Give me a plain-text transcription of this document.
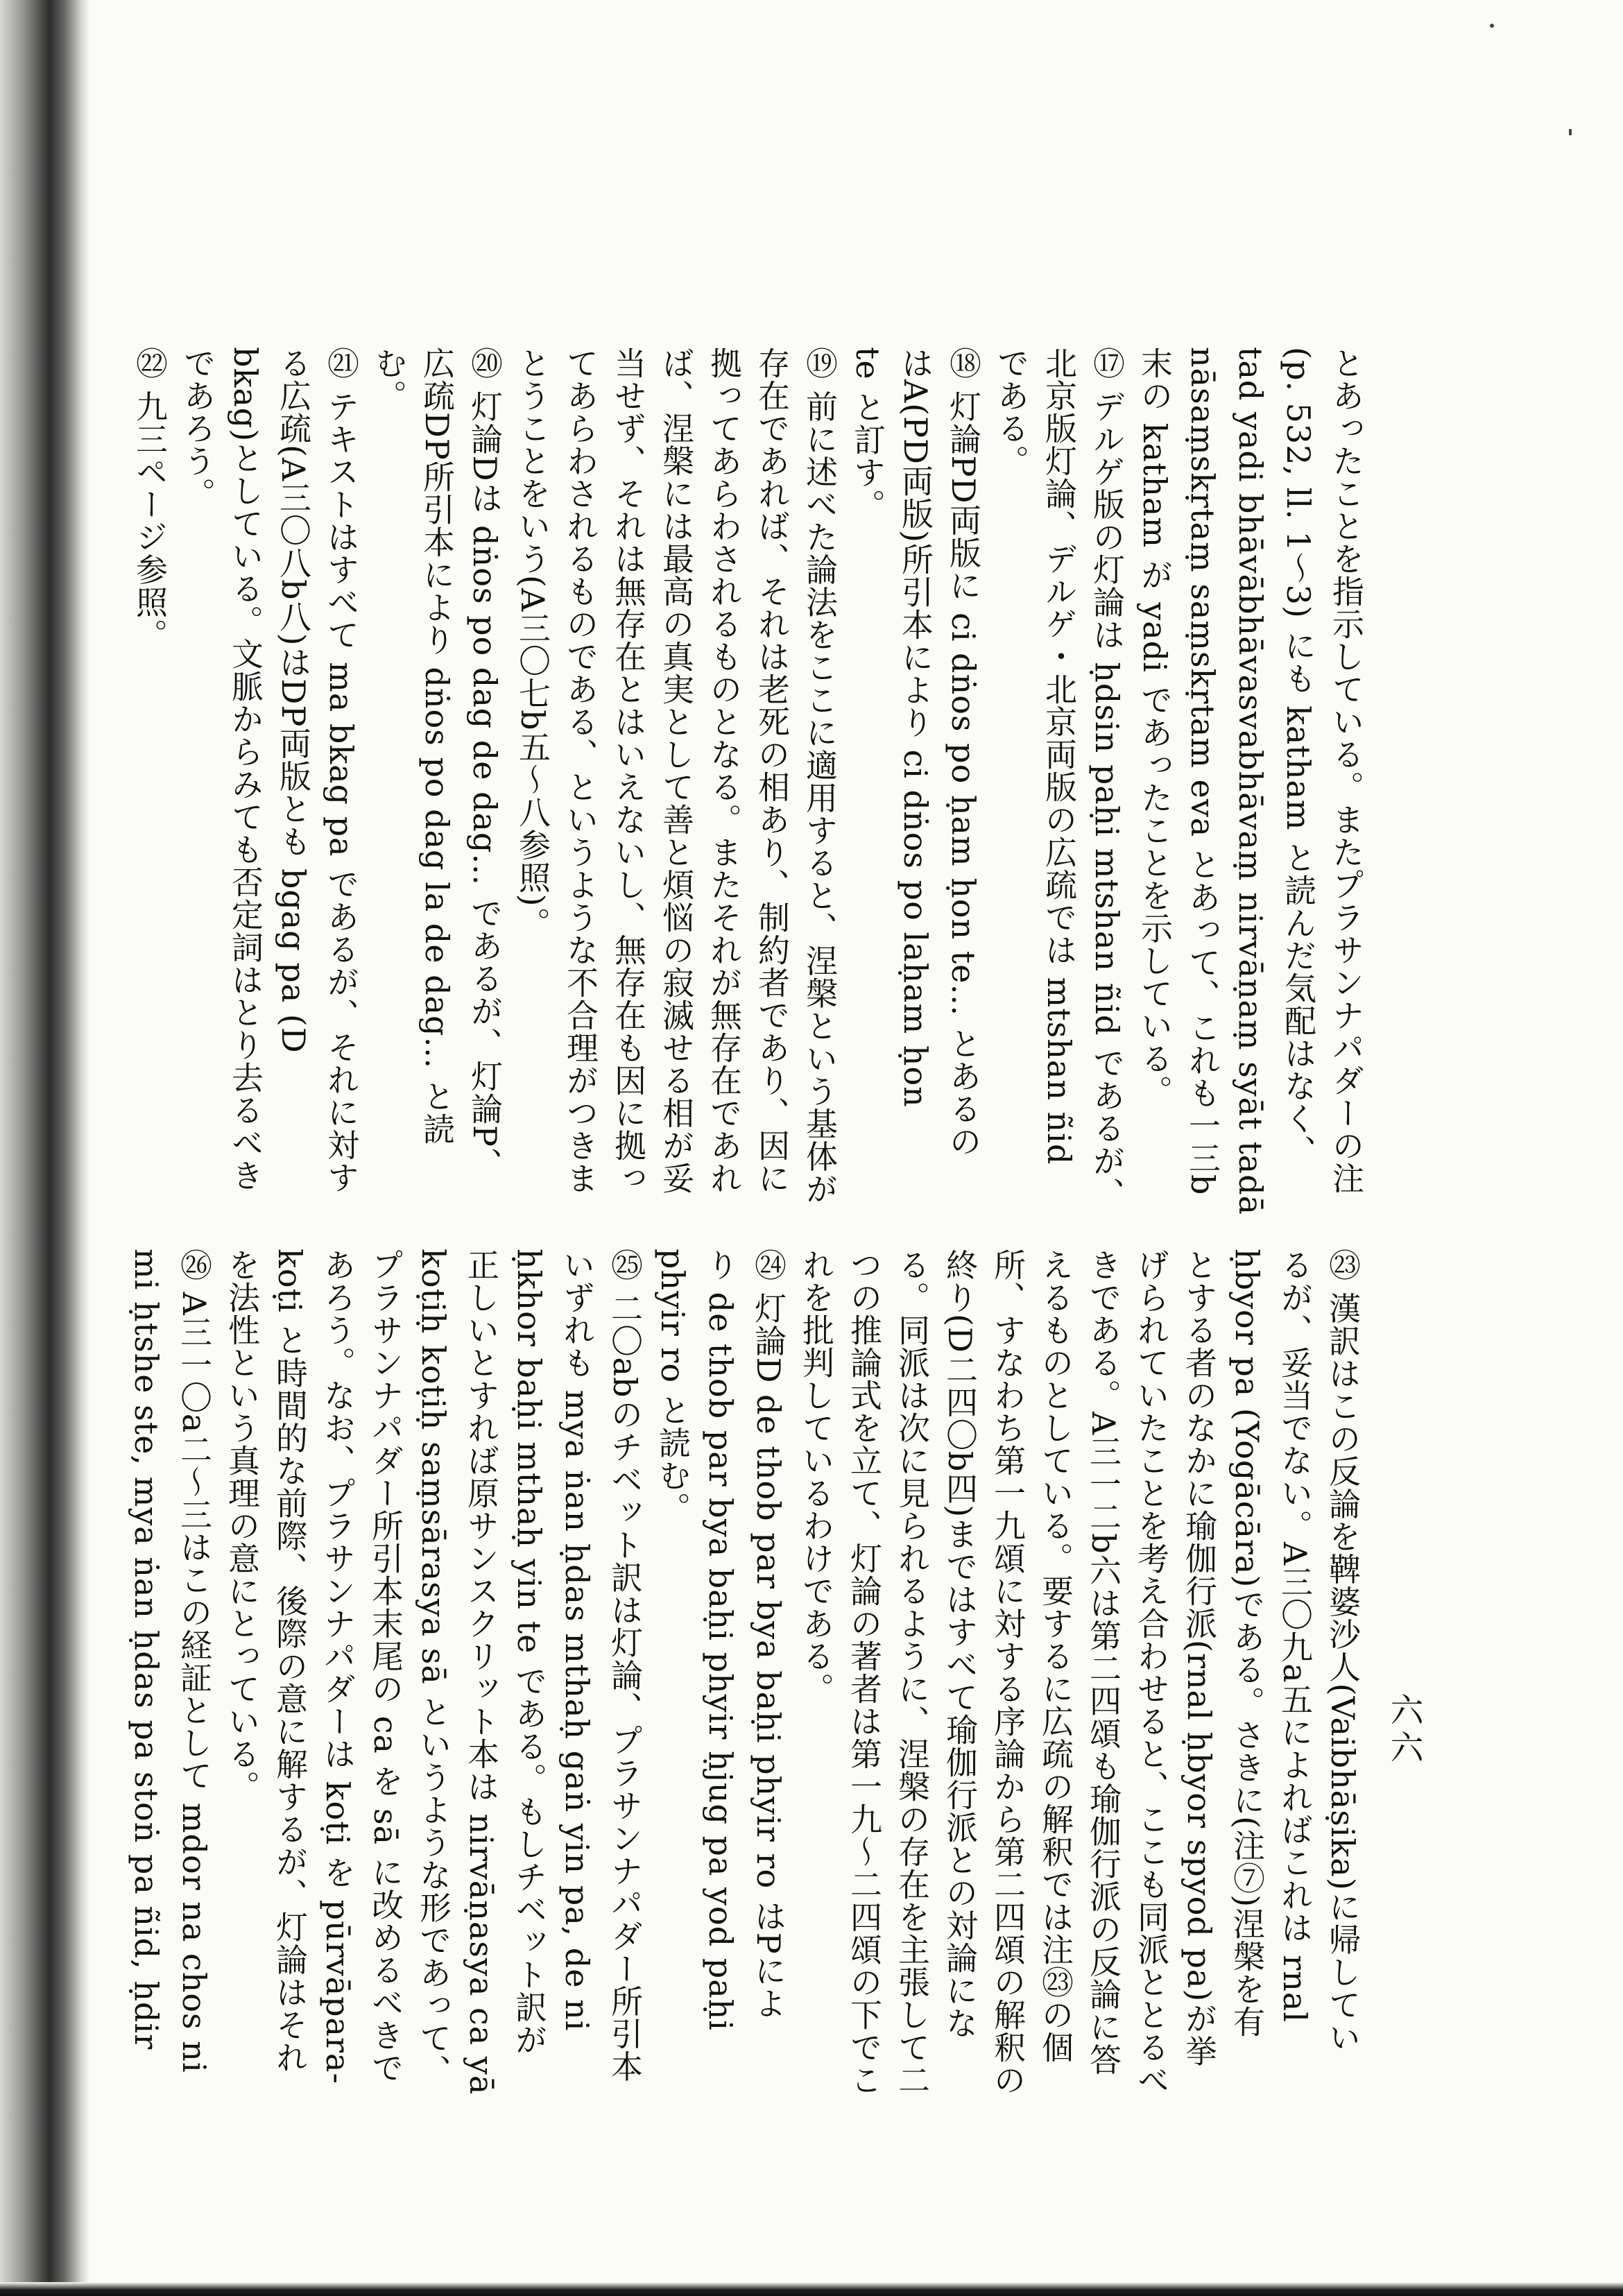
六六
とあったことを指示している。またプラサンナパダーの注
(p. 532, ll. 1〜3) にも katham と読んだ気配はなく、
tad yadi bhāvābhāvasvabhāvaṃ nirvāṇaṃ syāt tadā
nāsaṃskṛtaṃ saṃskṛtam eva とあって、これも一三b
末の katham が yadi であったことを示している。
⑰ デルゲ版の灯論は ḥdsin paḥi mtshan ñid であるが、
北京版灯論、デルゲ・北京両版の広疏では mtshan ñid
である。
⑱ 灯論PD両版に ci dṅos po ḥam ḥon te… とあるの
はA(PD両版)所引本により ci dṅos po laḥam ḥon
te と訂す。
⑲ 前に述べた論法をここに適用すると、涅槃という基体が
存在であれば、それは老死の相あり、制約者であり、因に
拠ってあらわされるものとなる。またそれが無存在であれ
ば、涅槃には最高の真実として善と煩悩の寂滅せる相が妥
当せず、それは無存在とはいえないし、無存在も因に拠っ
てあらわされるものである、というような不合理がつきま
とうことをいう(A三〇七b五〜八参照)。
⑳ 灯論Dは dṅos po dag de dag… であるが、灯論P、
広疏DP所引本により dṅos po dag la de dag… と読
む。
㉑ テキストはすべて ma bkag pa であるが、それに対す
る広疏(A三〇八b八)はDP両版とも bgag pa (D
bkag)としている。文脈からみても否定詞はとり去るべき
であろう。
㉒ 九三ページ参照。
㉓ 漢訳はこの反論を鞞婆沙人(Vaibhāṣika)に帰してい
るが、妥当でない。A三〇九a五によればこれは rnal
ḥbyor pa (Yogācāra)である。さきに(注⑦)涅槃を有
とする者のなかに瑜伽行派(rnal ḥbyor spyod pa)が挙
げられていたことを考え合わせると、ここも同派ととるべ
きである。A三一二b六は第二四頌も瑜伽行派の反論に答
えるものとしている。要するに広疏の解釈では注㉓の個
所、すなわち第一九頌に対する序論から第二四頌の解釈の
終り(D二四〇b四)まではすべて瑜伽行派との対論にな
る。同派は次に見られるように、涅槃の存在を主張して二
つの推論式を立て、灯論の著者は第一九〜二四頌の下でこ
れを批判しているわけである。
㉔ 灯論D de thob par bya baḥi phyir ro はPによ
り de thob par bya baḥi phyir ḥjug pa yod paḥi
phyir ro と読む。
㉕ 二〇abのチベット訳は灯論、プラサンナパダー所引本
いずれも mya ṅan ḥdas mthaḥ gaṅ yin pa, de ni
ḥkhor baḥi mthaḥ yin te である。もしチベット訳が
正しいとすれば原サンスクリット本は nirvāṇasya ca yā
koṭiḥ koṭiḥ saṃsārasya sā というような形であって、
プラサンナパダー所引本末尾の ca を sā に改めるべきで
あろう。なお、プラサンナパダーは koṭi を pūrvāpara-
koṭi と時間的な前際、後際の意に解するが、灯論はそれ
を法性という真理の意にとっている。
㉖ A三一〇a二〜三はこの経証として mdor na chos ni
mi ḥtshe ste, mya ṅan ḥdas pa stoṅ pa ñid, ḥdir
